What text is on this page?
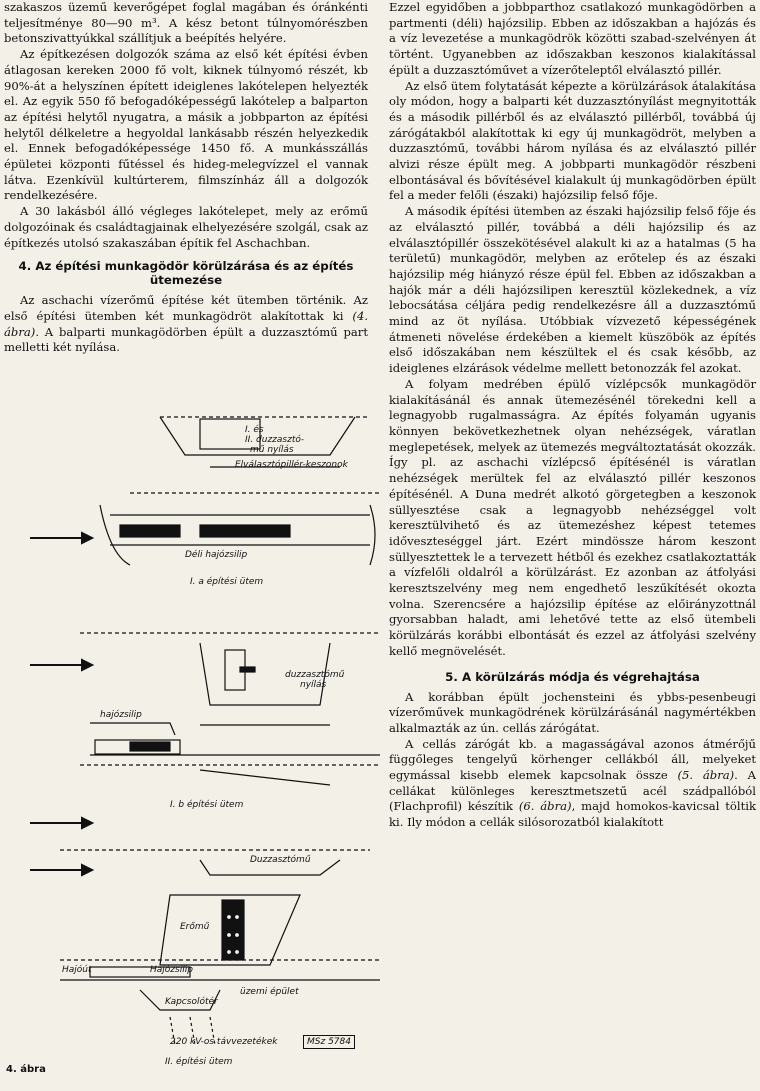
szakaszos üzemű keverőgépet foglal magában és óránkénti teljesítménye 80—90 m³. A kész betont túlnyomórészben betonszivattyúkkal szállítjuk a beépítés helyére.

Az építkezésen dolgozók száma az első két építési évben átlagosan kereken 2000 fő volt, kiknek túlnyomó részét, kb 90%-át a helyszínen épített ideiglenes lakótelepen helyezték el. Az egyik 550 fő befogadóképességű lakótelep a balparton az építési helytől nyugatra, a másik a jobbparton az építési helytől délkeletre a hegyoldal lankásabb részén helyezkedik el. Ennek befogadóképessége 1450 fő. A munkásszállás épületei központi fűtéssel és hideg-melegvízzel el vannak látva. Ezenkívül kultúrterem, filmszínház áll a dolgozók rendelkezésére.

A 30 lakásból álló végleges lakótelepet, mely az erőmű dolgozóinak és családtagjainak elhelyezésére szolgál, csak az építkezés utolsó szakaszában építik fel Aschachban.

4. Az építési munkagödör körülzárása és az építés ütemezése

Az aschachi vízerőmű építése két ütemben történik. Az első építési ütemben két munkagödröt alakítottak ki (4. ábra). A balparti munkagödörben épült a duzzasztómű part melletti két nyílása.

I. és
II. duzzasztó-
mű nyílás
Elválasztópillér-keszonok
Déli hajózsilip
I. a építési ütem
duzzasztómű
nyílás
hajózsilip
I. b építési ütem
Duzzasztómű
Erőmű
Hajózsilip
Hajóút
Kapcsolótér
üzemi épület
220 kV-os távvezetékek
II. építési ütem
MSz 5784
4. ábra

Ezzel egyidőben a jobbparthoz csatlakozó munkagödörben a partmenti (déli) hajózsilip. Ebben az időszakban a hajózás és a víz levezetése a munkagödrök közötti szabad-szelvényen át történt. Ugyanebben az időszakban keszonos kialakítással épült a duzzasztóművet a vízerőteleptől elválasztó pillér.

Az első ütem folytatását képezte a körülzárások átalakítása oly módon, hogy a balparti két duzzasztónyílást megnyitották és a második pillérből és az elválasztó pillérből, továbbá új zárógátakból alakítottak ki egy új munkagödröt, melyben a duzzasztómű, további három nyílása és az elválasztó pillér alvizi része épült meg. A jobbparti munkagödör részbeni elbontásával és bővítésével kialakult új munkagödörben épült fel a meder felőli (északi) hajózsilip felső fője.

A második építési ütemben az északi hajózsilip felső fője és az elválasztó pillér, továbbá a déli hajózsilip és az elválasztópillér összekötésével alakult ki az a hatalmas (5 ha területű) munkagödör, melyben az erőtelep és az északi hajózsilip még hiányzó része épül fel. Ebben az időszakban a hajók már a déli hajózsilipen keresztül közlekednek, a víz lebocsátása céljára pedig rendelkezésre áll a duzzasztómű mind az öt nyílása. Utóbbiak vízvezető képességének átmeneti növelése érdekében a kiemelt küszöbök az építés első időszakában nem készültek el és csak később, az ideiglenes elzárások védelme mellett betonozzák fel azokat.

A folyam medrében épülő vízlépcsők munkagödör kialakításánál és annak ütemezésénél törekedni kell a legnagyobb rugalmasságra. Az építés folyamán ugyanis könnyen bekövetkezhetnek olyan nehézségek, váratlan meglepetések, melyek az ütemezés megváltoztatását okozzák. Így pl. az aschachi vízlépcső építésénél is váratlan nehézségek merültek fel az elválasztó pillér keszonos építésénél. A Duna medrét alkotó görgetegben a keszonok süllyesztése csak a legnagyobb nehézséggel volt keresztülvihető és az ütemezéshez képest tetemes időveszteséggel járt. Ezért mindössze három keszont süllyesztettek le a tervezett hétből és ezekhez csatlakoztatták a vízfelőli oldalról a körülzárást. Ez azonban az átfolyási keresztszelvény meg nem engedhető leszűkítését okozta volna. Szerencsére a hajózsilip építése az előirányzottnál gyorsabban haladt, ami lehetővé tette az első ütembeli körülzárás korábbi elbontását és ezzel az átfolyási szelvény kellő megnövelését.

5. A körülzárás módja és végrehajtása

A korábban épült jochensteini és ybbs-pesenbeugi vízerőművek munkagödrének körülzárásánál nagymértékben alkalmazták az ún. cellás zárógátat.

A cellás zárógát kb. a magasságával azonos átmérőjű függőleges tengelyű körhenger cellákból áll, melyeket egymással kisebb elemek kapcsolnak össze (5. ábra). A cellákat különleges keresztmetszetű acél szádpallóból (Flachprofil) készítik (6. ábra), majd homokos-kavicsal töltik ki. Ily módon a cellák silósorozatból kialakított
